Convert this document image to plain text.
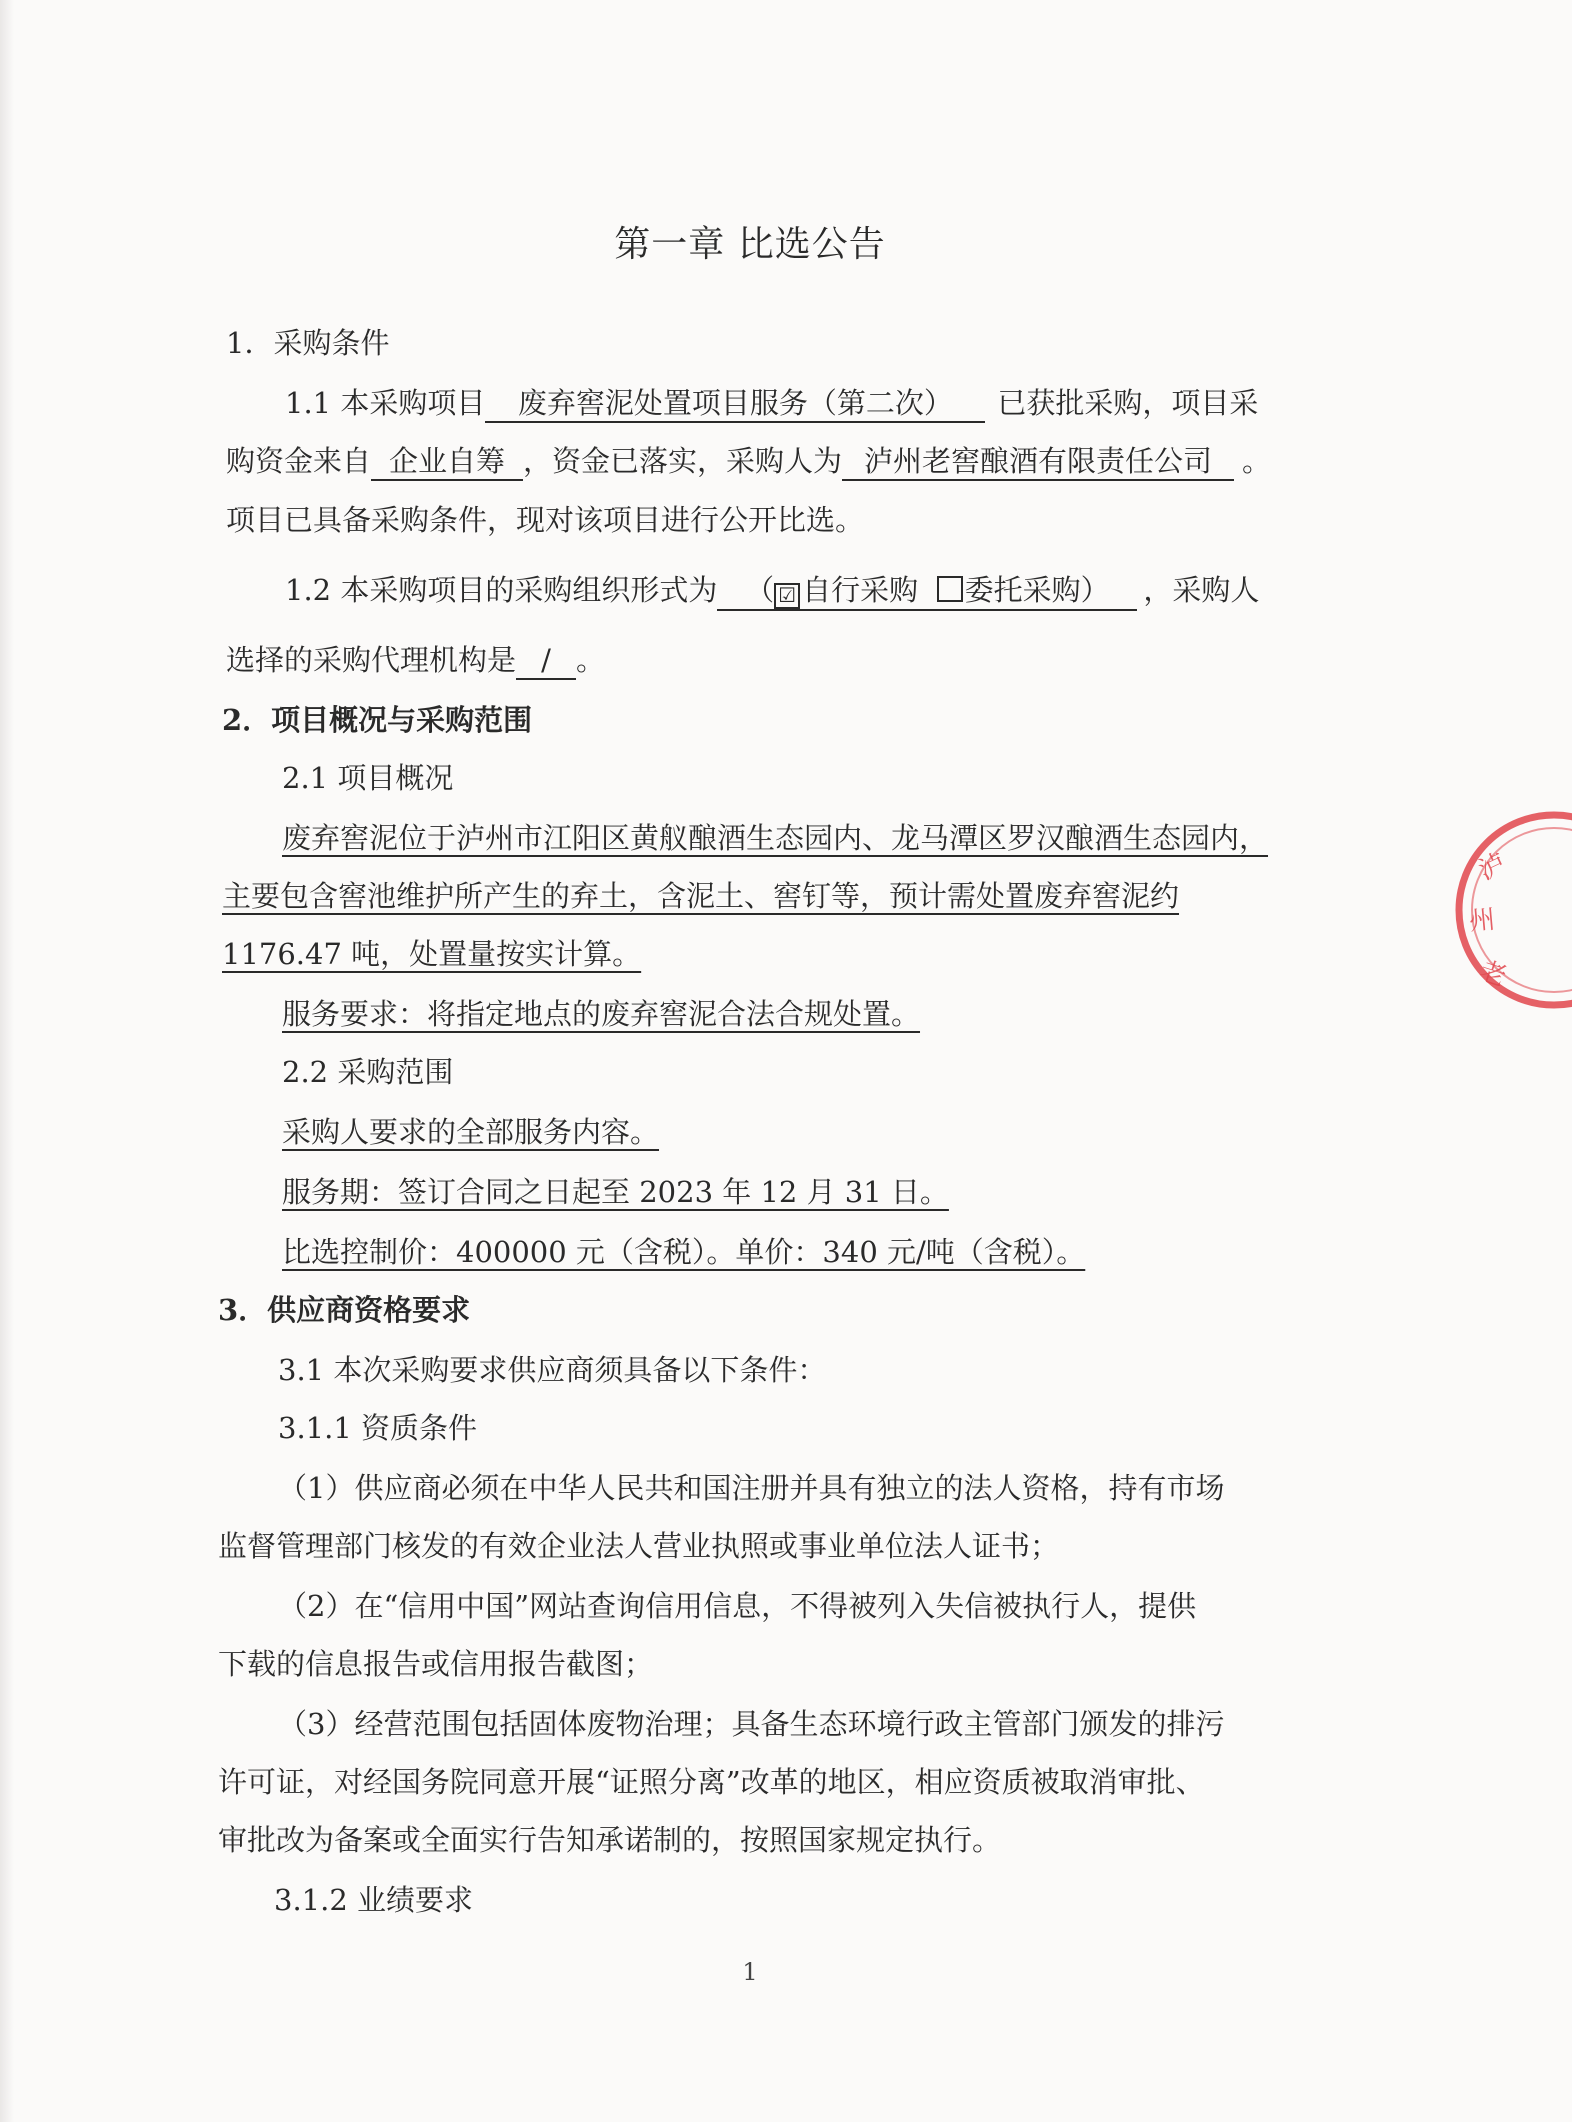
第一章 比选公告
1．采购条件
1.1 本采购项目 废弃窖泥处置项目服务（第二次） 已获批采购，项目采
购资金来自 企业自筹 ，资金已落实，采购人为 泸州老窖酿酒有限责任公司 。
项目已具备采购条件，现对该项目进行公开比选。
1.2 本采购项目的采购组织形式为 （ ☑ 自行采购 委托采购） ，采购人
选择的采购代理机构是 / 。
2．项目概况与采购范围
2.1 项目概况
废弃窖泥位于泸州市江阳区黄舣酿酒生态园内、龙马潭区罗汉酿酒生态园内，
主要包含窖池维护所产生的弃土，含泥土、窖钉等，预计需处置废弃窖泥约
1176.47 吨，处置量按实计算。
服务要求：将指定地点的废弃窖泥合法合规处置。
2.2 采购范围
采购人要求的全部服务内容。
服务期：签订合同之日起至 2023 年 12 月 31 日。
比选控制价：400000 元（含税）。单价：340 元/吨（含税）。
3．供应商资格要求
3.1 本次采购要求供应商须具备以下条件：
3.1.1 资质条件
（1）供应商必须在中华人民共和国注册并具有独立的法人资格，持有市场
监督管理部门核发的有效企业法人营业执照或事业单位法人证书；
（2）在“信用中国”网站查询信用信息，不得被列入失信被执行人，提供
下载的信息报告或信用报告截图；
（3）经营范围包括固体废物治理；具备生态环境行政主管部门颁发的排污
许可证，对经国务院同意开展“证照分离”改革的地区，相应资质被取消审批、
审批改为备案或全面实行告知承诺制的，按照国家规定执行。
3.1.2 业绩要求
1
泸
州
老
